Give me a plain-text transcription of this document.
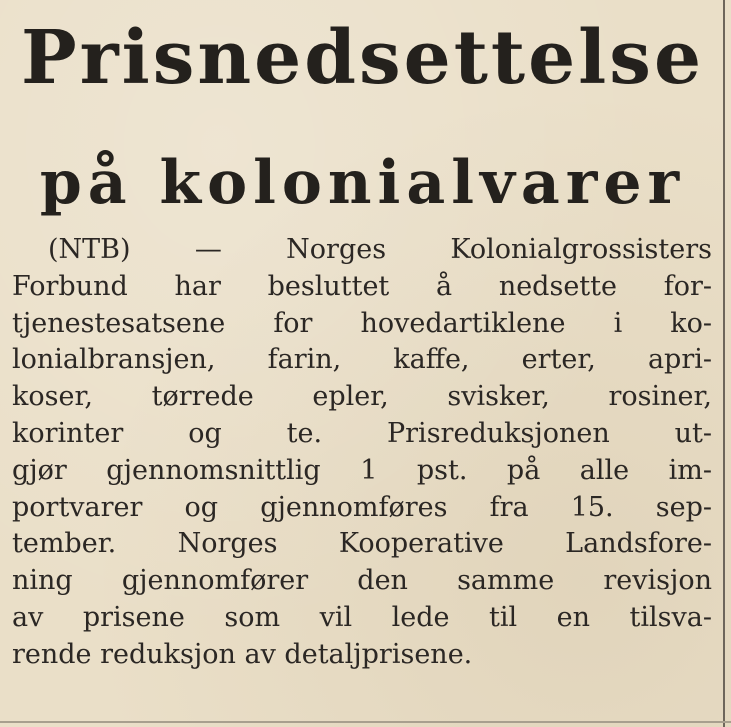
Prisnedsettelse
på kolonialvarer
(NTB) — Norges Kolonialgrossisters
Forbund har besluttet å nedsette for-
tjenestesatsene for hovedartiklene i ko-
lonialbransjen, farin, kaffe, erter, apri-
koser, tørrede epler, svisker, rosiner,
korinter og te. Prisreduksjonen ut-
gjør gjennomsnittlig 1 pst. på alle im-
portvarer og gjennomføres fra 15. sep-
tember. Norges Kooperative Landsfore-
ning gjennomfører den samme revisjon
av prisene som vil lede til en tilsva-
rende reduksjon av detaljprisene.
